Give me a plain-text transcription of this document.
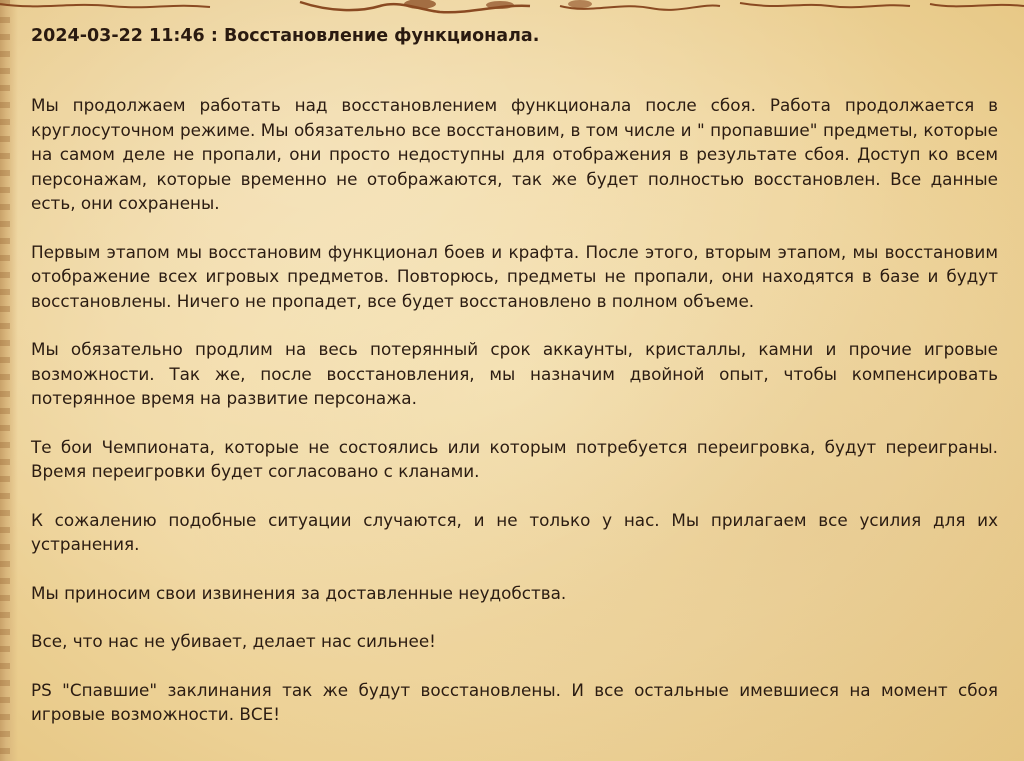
2024-03-22 11:46 : Восстановление функционала.

Мы продолжаем работать над восстановлением функционала после сбоя. Работа продолжается в круглосуточном режиме. Мы обязательно все восстановим, в том числе и " пропавшие" предметы, которые на самом деле не пропали, они просто недоступны для отображения в результате сбоя. Доступ ко всем персонажам, которые временно не отображаются, так же будет полностью восстановлен. Все данные есть, они сохранены.

Первым этапом мы восстановим функционал боев и крафта. После этого, вторым этапом, мы восстановим отображение всех игровых предметов. Повторюсь, предметы не пропали, они находятся в базе и будут восстановлены. Ничего не пропадет, все будет восстановлено в полном объеме.

Мы обязательно продлим на весь потерянный срок аккаунты, кристаллы, камни и прочие игровые возможности. Так же, после восстановления, мы назначим двойной опыт, чтобы компенсировать потерянное время на развитие персонажа.

Те бои Чемпионата, которые не состоялись или которым потребуется переигровка, будут переиграны. Время переигровки будет согласовано с кланами.

К сожалению подобные ситуации случаются, и не только у нас. Мы прилагаем все усилия для их устранения.

Мы приносим свои извинения за доставленные неудобства.

Все, что нас не убивает, делает нас сильнее!

PS "Спавшие" заклинания так же будут восстановлены. И все остальные имевшиеся на момент сбоя игровые возможности. ВСЕ!
